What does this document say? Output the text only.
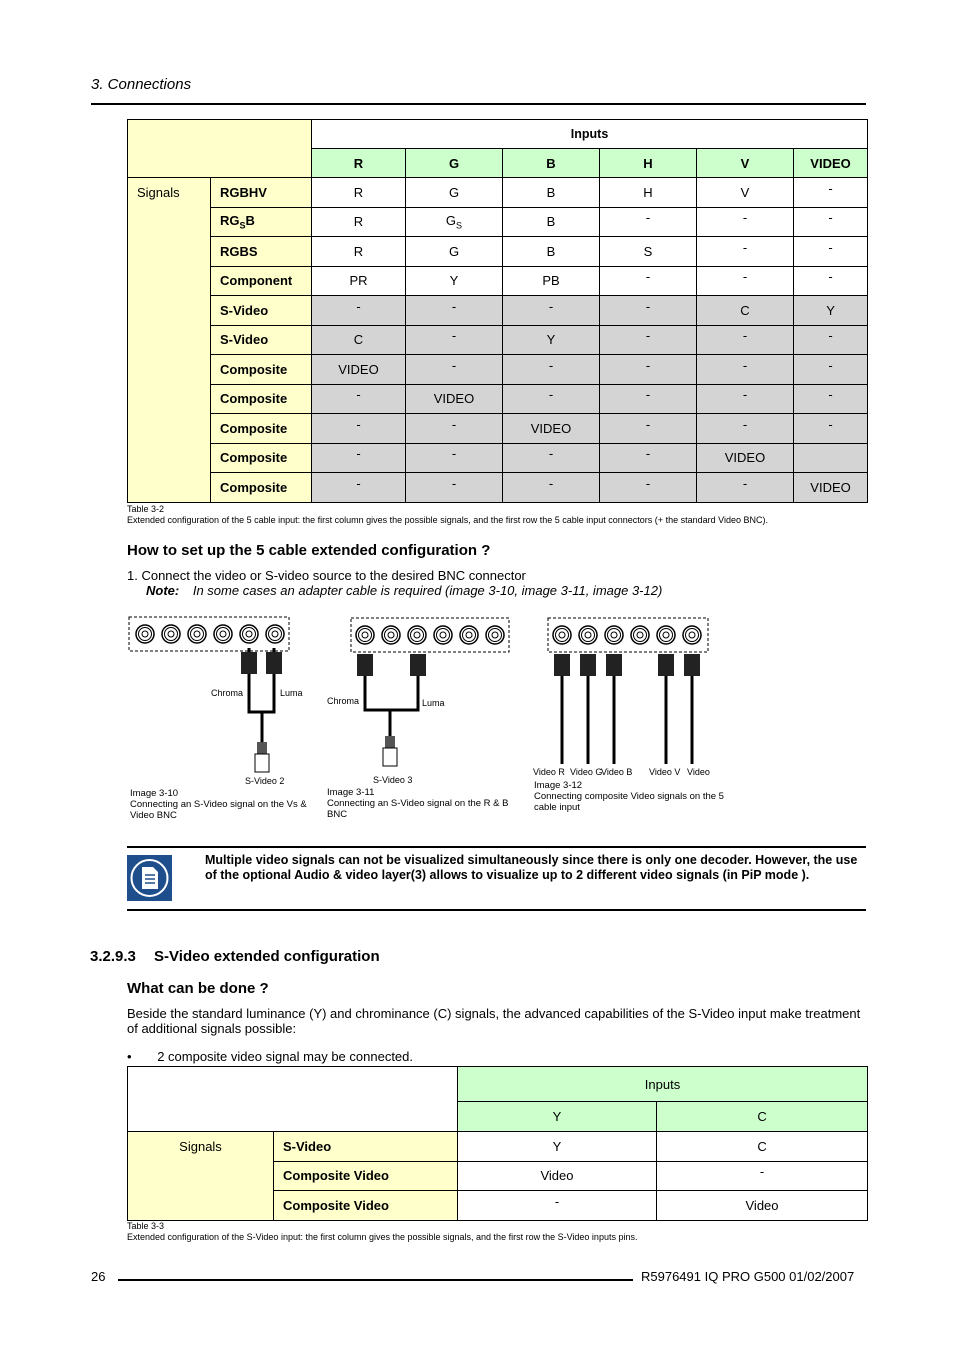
3. Connections
		Inputs					
		R	G	B	H	V	VIDEO
Signals	RGBHV	R	G	B	H	V	-
	$RG_SB$	R	$G_S$	B	-	-	-
	RGBS	R	G	B	S	-	-
	Component	PR	Y	PB	-	-	-
	S-Video	-	-	-	-	C	Y
	S-Video	C	-	Y	-	-	-
	Composite	VIDEO	-	-	-	-	-
	Composite	-	VIDEO	-	-	-	-
	Composite	-	-	VIDEO	-	-	-
	Composite	-	-	-	-	VIDEO	
	Composite	-	-	-	-	-	VIDEO
Table 3-2
Extended configuration of the 5 cable input: the first column gives the possible signals, and the first row the 5 cable input connectors (+ the standard Video BNC).
How to set up the 5 cable extended configuration ?
1. Connect the video or S-video source to the desired BNC connector
Note: In some cases an adapter cable is required (image 3-10, image 3-11, image 3-12)
Chroma	Luma
S-Video 2
Chroma	Luma
S-Video 3
Video R Video G
Video B Video V Video
Image 3-10
Connecting an S-Video signal on the Vs & Video BNC
Image 3-11
Connecting an S-Video signal on the R & B BNC
Image 3-12
Connecting composite Video signals on the 5 cable input
Multiple video signals can not be visualized simultaneously since there is only one decoder. However, the use of the optional Audio & video layer(3) allows to visualize up to 2 different video signals (in PiP mode ).
3.2.9.3 S-Video extended configuration
What can be done ?
Beside the standard luminance (Y) and chrominance (C) signals, the advanced capabilities of the S-Video input make treatment of additional signals possible:
• 2 composite video signal may be connected.
		Inputs	
		Y	C
Signals	S-Video	Y	C
	Composite Video	Video	-
	Composite Video	-	Video
Table 3-3
Extended configuration of the S-Video input: the first column gives the possible signals, and the first row the S-Video inputs pins.
26	R5976491 IQ PRO G500 01/02/2007
